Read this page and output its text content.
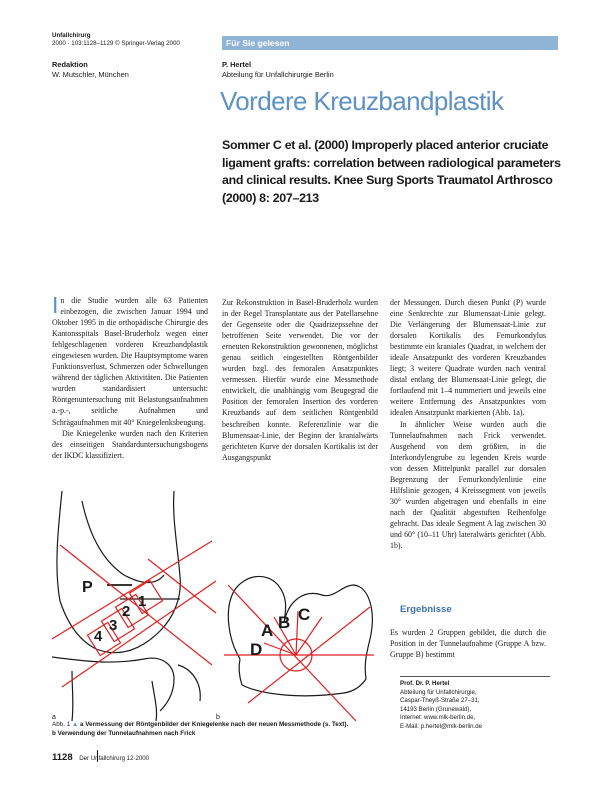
Unfallchirurg
2000 · 103:1128–1129 © Springer-Verlag 2000
Redaktion
W. Mutschler, München
Für Sie gelesen
P. Hertel
Abteilung für Unfallchirurgie Berlin
Vordere Kreuzbandplastik
Sommer C et al. (2000) Improperly placed anterior cruciate ligament grafts: correlation between radiological parameters and clinical results. Knee Surg Sports Traumatol Arthrosco (2000) 8: 207–213

In die Studie wurden alle 63 Patienten einbezogen, die zwischen Januar 1994 und Oktober 1995 in die orthopädische Chirurgie des Kantonsspitals Basel-Bruderholz wegen einer fehlgeschlagenen vorderen Kreuzbandplastik eingewiesen wurden. Die Hauptsymptome waren Funktionsverlust, Schmerzen oder Schwellungen während der täglichen Aktivitäten. Die Patienten wurden standardisiert untersucht: Röntgenuntersuchung mit Belastungsaufnahmen a.-p.-, seitliche Aufnahmen und Schrägaufnahmen mit 40° Kniegelenksbeugung.

Die Kniegelenke wurden nach den Kriterien des einseitigen Standarduntersuchungsbogens der IKDC klassifiziert.

Zur Rekonstruktion in Basel-Bruderholz wurden in der Regel Transplantate aus der Patellarsehne der Gegenseite oder die Quadrizepssehne der betroffenen Seite verwendet. Die vor der erneuten Rekonstruktion gewonnenen, möglichst genau seitlich eingestellten Röntgenbilder wurden bzgl. des femoralen Ansatzpunktes vermessen. Hierfür wurde eine Messmethode entwickelt, die unabhängig vom Beugegrad die Position der femoralen Insertion des vorderen Kreuzbands auf dem seitlichen Röntgenbild beschreiben konnte. Referenzlinie war die Blumensaat-Linie, der Beginn der kranialwärts gerichteten Kurve der dorsalen Kortikalis ist der Ausgangspunkt

der Messungen. Durch diesen Punkt (P) wurde eine Senkrechte zur Blumensaat-Linie gelegt. Die Verlängerung der Blumensaat-Linie zur dorsalen Kortikalis des Femurkondylus bestimmte ein kraniales Quadrat, in welchem der ideale Ansatzpunkt des vorderen Kreuzbandes liegt; 3 weitere Quadrate wurden nach ventral distal entlang der Blumensaat-Linie gelegt, die fortlaufend mit 1–4 nummeriert und jeweils eine weitere Entfernung des Ansatzpunktes vom idealen Ansatzpunkt markierten (Abb. 1a).

In ähnlicher Weise wurden auch die Tunnelaufnahmen nach Frick verwendet. Ausgehend von dem größten, in die Interkondylengrube zu legenden Kreis wurde von dessen Mittelpunkt parallel zur dorsalen Begrenzung der Femurkondylenlinie eine Hilfslinie gezogen, 4 Kreissegment von jeweils 30° wurden abgetragen und ebenfalls in eine nach der Qualität abgestuften Reihenfolge gebracht. Das ideale Segment A lag zwischen 30 und 60° (10–11 Uhr) lateralwärts gerichtet (Abb. 1b).

Ergebnisse

Es wurden 2 Gruppen gebildet, die durch die Position in der Tunnelaufnahme (Gruppe A bzw. Gruppe B) bestimmt

Prof. Dr. P. Hertel
Abteilung für Unfallchirurgie,
Caspar-Theyß-Straße 27–31,
14193 Berlin (Grunewald),
Internet: www.mlk-berlin.de,
E-Mail: p.hertel@mlk-berlin.de
P
1
2
3
4
a
A B C
D
b
Abb. 1 ▲ a Vermessung der Röntgenbilder der Kniegelenke nach der neuen Messmethode (s. Text).
b Verwendung der Tunnelaufnahmen nach Frick
1128 Der Unfallchirurg 12·2000
